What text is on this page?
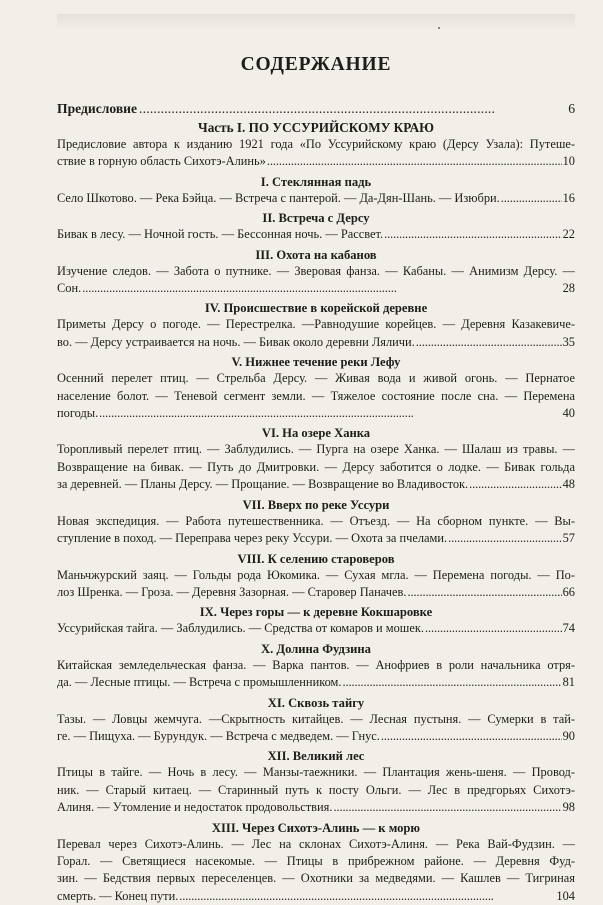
СОДЕРЖАНИЕ
Предисловие . . .	6
Часть I. ПО УССУРИЙСКОМУ КРАЮ
Предисловие автора к изданию 1921 года «По Уссурийскому краю (Дерсу Узала): Путеше-
ствие в горную область Сихотэ-Алинь» . . .	10
I. Стеклянная падь
Село Шкотово. — Река Бэйца. — Встреча с пантерой. — Да-Дян-Шань. — Изюбри. . . .	16
II. Встреча с Дерсу
Бивак в лесу. — Ночной гость. — Бессонная ночь. — Рассвет. . . .	22
III. Охота на кабанов
Изучение следов. — Забота о путнике. — Зверовая фанза. — Кабаны. — Анимизм Дерсу. —
Сон. . . .	28
IV. Происшествие в корейской деревне
Приметы Дерсу о погоде. — Перестрелка. —Равнодушие корейцев. — Деревня Казакевиче-
во. — Дерсу устраивается на ночь. — Бивак около деревни Ляличи. . . .	35
V. Нижнее течение реки Лефу
Осенний перелет птиц. — Стрельба Дерсу. — Живая вода и живой огонь. — Пернатое
население болот. — Теневой сегмент земли. — Тяжелое состояние после сна. — Перемена
погоды. . . .	40
VI. На озере Ханка
Торопливый перелет птиц. — Заблудились. — Пурга на озере Ханка. — Шалаш из травы. —
Возвращение на бивак. — Путь до Дмитровки. — Дерсу заботится о лодке. — Бивак гольда
за деревней. — Планы Дерсу. — Прощание. — Возвращение во Владивосток. . . .	48
VII. Вверх по реке Уссури
Новая экспедиция. — Работа путешественника. — Отъезд. — На сборном пункте. — Вы-
ступление в поход. — Переправа через реку Уссури. — Охота за пчелами. . . .	57
VIII. К селению староверов
Маньчжурский заяц. — Гольды рода Юкомика. — Сухая мгла. — Перемена погоды. — По-
лоз Шренка. — Гроза. — Деревня Зазорная. — Старовер Паначев. . . .	66
IX. Через горы — к деревне Кокшаровке
Уссурийская тайга. — Заблудились. — Средства от комаров и мошек. . . .	74
X. Долина Фудзина
Китайская земледельческая фанза. — Варка пантов. — Анофриев в роли начальника отря-
да. — Лесные птицы. — Встреча с промышленником. . . .	81
XI. Сквозь тайгу
Тазы. — Ловцы жемчуга. —Скрытность китайцев. — Лесная пустыня. — Сумерки в тай-
ге. — Пищуха. — Бурундук. — Встреча с медведем. — Гнус. . . .	90
XII. Великий лес
Птицы в тайге. — Ночь в лесу. — Манзы-таежники. — Плантация жень-шеня. — Провод-
ник. — Старый китаец. — Старинный путь к посту Ольги. — Лес в предгорьях Сихотэ-
Алиня. — Утомление и недостаток продовольствия. . . .	98
XIII. Через Сихотэ-Алинь — к морю
Перевал через Сихотэ-Алинь. — Лес на склонах Сихотэ-Алиня. — Река Вай-Фудзин. —
Горал. — Светящиеся насекомые. — Птицы в прибрежном районе. — Деревня Фуд-
зин. — Бедствия первых переселенцев. — Охотники за медведями. — Кашлев — Тигриная
смерть. — Конец пути. . . .	104
